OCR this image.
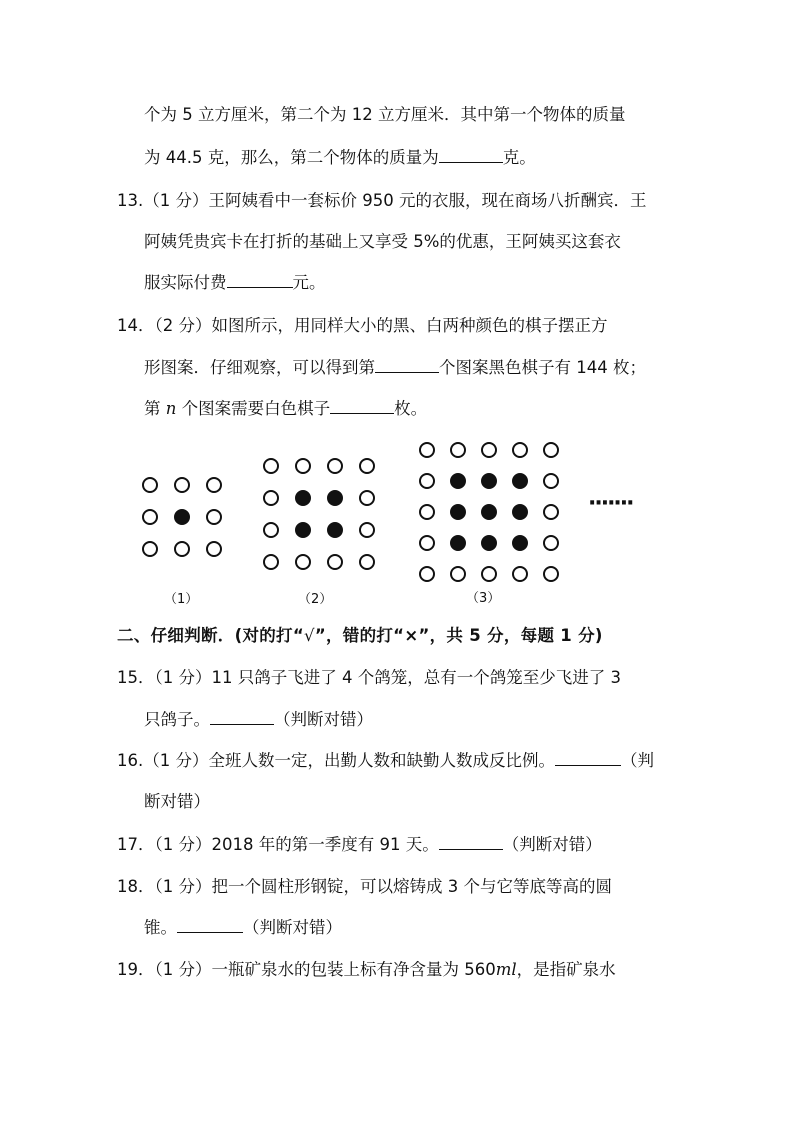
个为 5 立方厘米，第二个为 12 立方厘米．其中第一个物体的质量
为 44.5 克，那么，第二个物体的质量为	克。
13.（1 分）王阿姨看中一套标价 950 元的衣服，现在商场八折酬宾．王
阿姨凭贵宾卡在打折的基础上又享受 5%的优惠，王阿姨买这套衣
服实际付费	元。
14．（2 分）如图所示，用同样大小的黑、白两种颜色的棋子摆正方
形图案．仔细观察，可以得到第	个图案黑色棋子有 144 枚；
第 n 个图案需要白色棋子	枚。
（1）	（2）	（3）
·······
二、仔细判断．(对的打“√”，错的打“×”，共 5 分，每题 1 分)
15．（1 分）11 只鸽子飞进了 4 个鸽笼，总有一个鸽笼至少飞进了 3
只鸽子。	（判断对错）
16.（1 分）全班人数一定，出勤人数和缺勤人数成反比例。	（判
断对错）
17．（1 分）2018 年的第一季度有 91 天。	（判断对错）
18．（1 分）把一个圆柱形钢锭，可以熔铸成 3 个与它等底等高的圆
锥。	（判断对错）
19．（1 分）一瓶矿泉水的包装上标有净含量为 560ml，是指矿泉水
